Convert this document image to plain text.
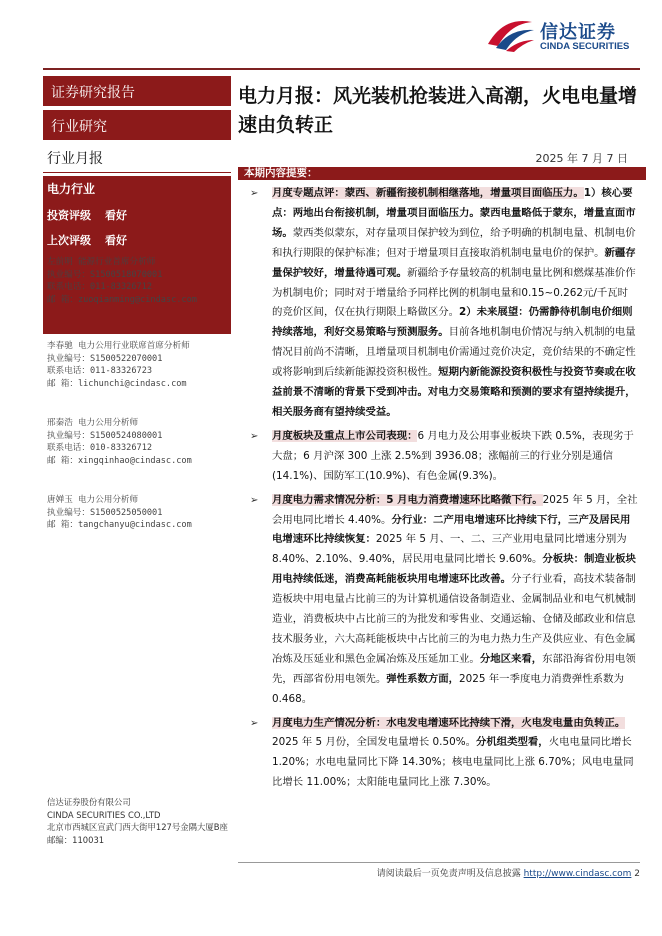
信达证券
CINDA SECURITIES
证券研究报告
行业研究
行业月报
电力行业
投资评级 看好
上次评级 看好
左前明 能源行业首席分析师
执业编号：S1500518070001
联系电话：011-83326712
邮 箱：zuoqianming@cindasc.com
李春驰 电力公用行业联席首席分析师
执业编号：S1500522070001
联系电话：011-83326723
邮 箱：lichunchi@cindasc.com
邢秦浩 电力公用分析师
执业编号：S1500524080001
联系电话：010-83326712
邮 箱：xingqinhao@cindasc.com
唐婵玉 电力公用分析师
执业编号：S1500525050001
邮 箱：tangchanyu@cindasc.com
信达证券股份有限公司
CINDA SECURITIES CO.,LTD
北京市西城区宣武门西大街甲127号金隅大厦B座
邮编：110031
电力月报：风光装机抢装进入高潮，火电电量增速由负转正
2025 年 7 月 7 日
本期内容提要：
➢ 月度专题点评：蒙西、新疆衔接机制相继落地，增量项目面临压力。1）核心要点：两地出台衔接机制，增量项目面临压力。蒙西电量略低于蒙东，增量直面市场。蒙西类似蒙东，对存量项目保护较为到位，给予明确的机制电量、机制电价和执行期限的保护标准；但对于增量项目直接取消机制电量电价的保护。新疆存量保护较好，增量待遇可观。新疆给予存量较高的机制电量比例和燃煤基准价作为机制电价；同时对于增量给予同样比例的机制电量和0.15~0.262元/千瓦时的竞价区间，仅在执行期限上略做区分。2）未来展望：仍需静待机制电价细则持续落地，利好交易策略与预测服务。目前各地机制电价情况与纳入机制的电量情况目前尚不清晰，且增量项目机制电价需通过竞价决定，竞价结果的不确定性或将影响到后续新能源投资积极性。短期内新能源投资积极性与投资节奏或在收益前景不清晰的背景下受到冲击。对电力交易策略和预测的要求有望持续提升，相关服务商有望持续受益。
➢ 月度板块及重点上市公司表现：6 月电力及公用事业板块下跌 0.5%，表现劣于大盘；6 月沪深 300 上涨 2.5%到 3936.08；涨幅前三的行业分别是通信(14.1%)、国防军工(10.9%)、有色金属(9.3%)。
➢ 月度电力需求情况分析：5 月电力消费增速环比略微下行。2025 年 5 月，全社会用电同比增长 4.40%。分行业：二产用电增速环比持续下行，三产及居民用电增速环比持续恢复：2025 年 5 月、一、二、三产业用电量同比增速分别为 8.40%、2.10%、9.40%，居民用电量同比增长 9.60%。分板块：制造业板块用电持续低迷，消费高耗能板块用电增速环比改善。分子行业看，高技术装备制造板块中用电量占比前三的为计算机通信设备制造业、金属制品业和电气机械制造业，消费板块中占比前三的为批发和零售业、交通运输、仓储及邮政业和信息技术服务业，六大高耗能板块中占比前三的为电力热力生产及供应业、有色金属冶炼及压延业和黑色金属冶炼及压延加工业。分地区来看，东部沿海省份用电领先，西部省份用电领先。弹性系数方面，2025 年一季度电力消费弹性系数为 0.468。
➢ 月度电力生产情况分析：水电发电增速环比持续下滑，火电发电量由负转正。2025 年 5 月份，全国发电量增长 0.50%。分机组类型看，火电电量同比增长 1.20%；水电电量同比下降 14.30%；核电电量同比上涨 6.70%；风电电量同比增长 11.00%；太阳能电量同比上涨 7.30%。
请阅读最后一页免责声明及信息披露 http://www.cindasc.com 2
